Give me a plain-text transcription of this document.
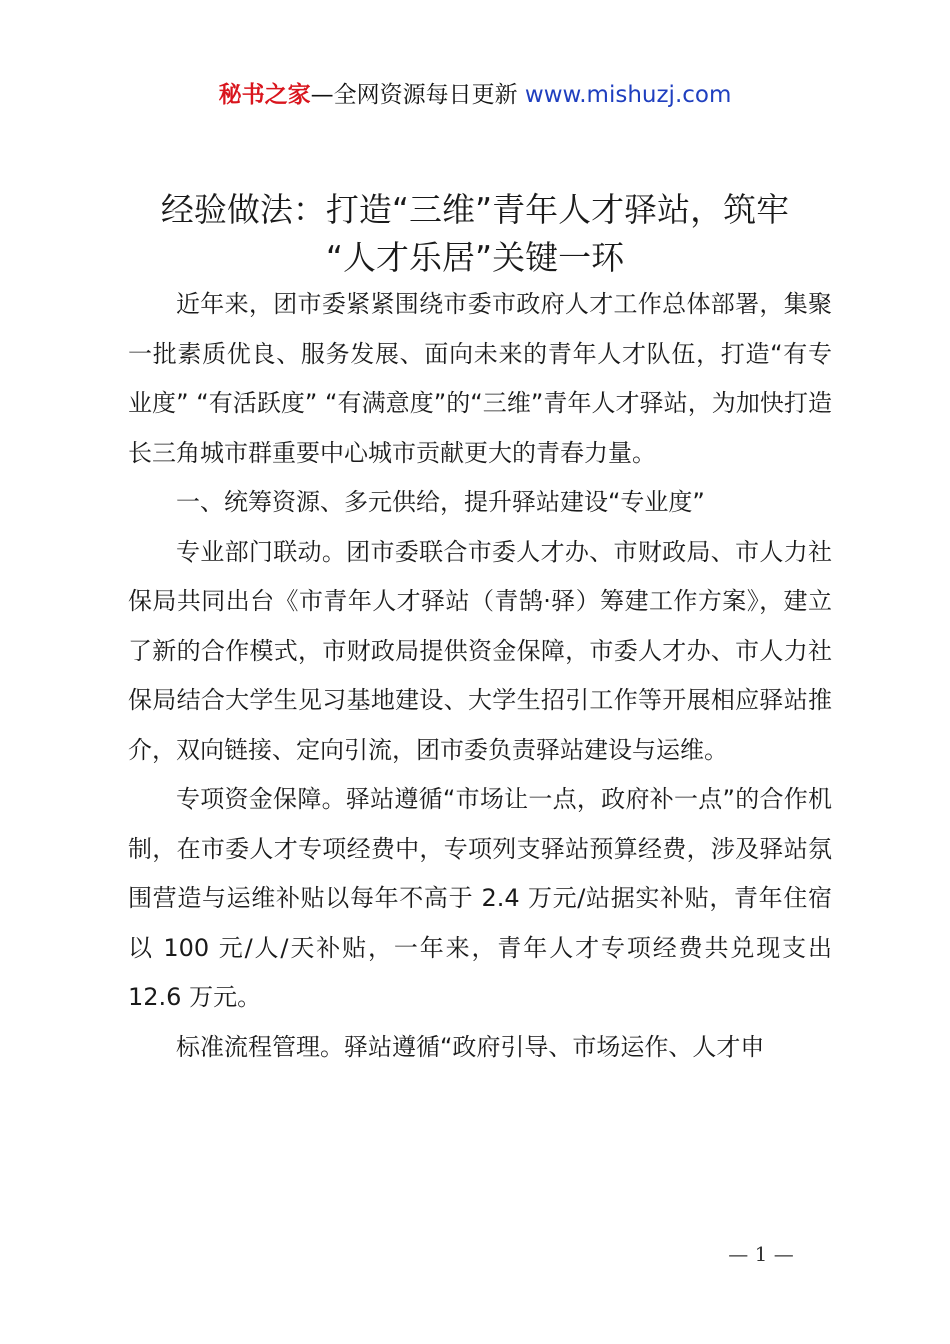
秘书之家—全网资源每日更新 www.mishuzj.com
经验做法：打造“三维”青年人才驿站，筑牢
“人才乐居”关键一环

近年来，团市委紧紧围绕市委市政府人才工作总体部署，集聚一批素质优良、服务发展、面向未来的青年人才队伍，打造“有专业度” “有活跃度” “有满意度”的“三维”青年人才驿站，为加快打造长三角城市群重要中心城市贡献更大的青春力量。

一、统筹资源、多元供给，提升驿站建设“专业度”

专业部门联动。团市委联合市委人才办、市财政局、市人力社保局共同出台《市青年人才驿站（青鹄·驿）筹建工作方案》，建立了新的合作模式，市财政局提供资金保障，市委人才办、市人力社保局结合大学生见习基地建设、大学生招引工作等开展相应驿站推介，双向链接、定向引流，团市委负责驿站建设与运维。

专项资金保障。驿站遵循“市场让一点，政府补一点”的合作机制，在市委人才专项经费中，专项列支驿站预算经费，涉及驿站氛围营造与运维补贴以每年不高于 2.4 万元/站据实补贴，青年住宿以 100 元/人/天补贴，一年来，青年人才专项经费共兑现支出 12.6 万元。

标准流程管理。驿站遵循“政府引导、市场运作、人才申

— 1 —
